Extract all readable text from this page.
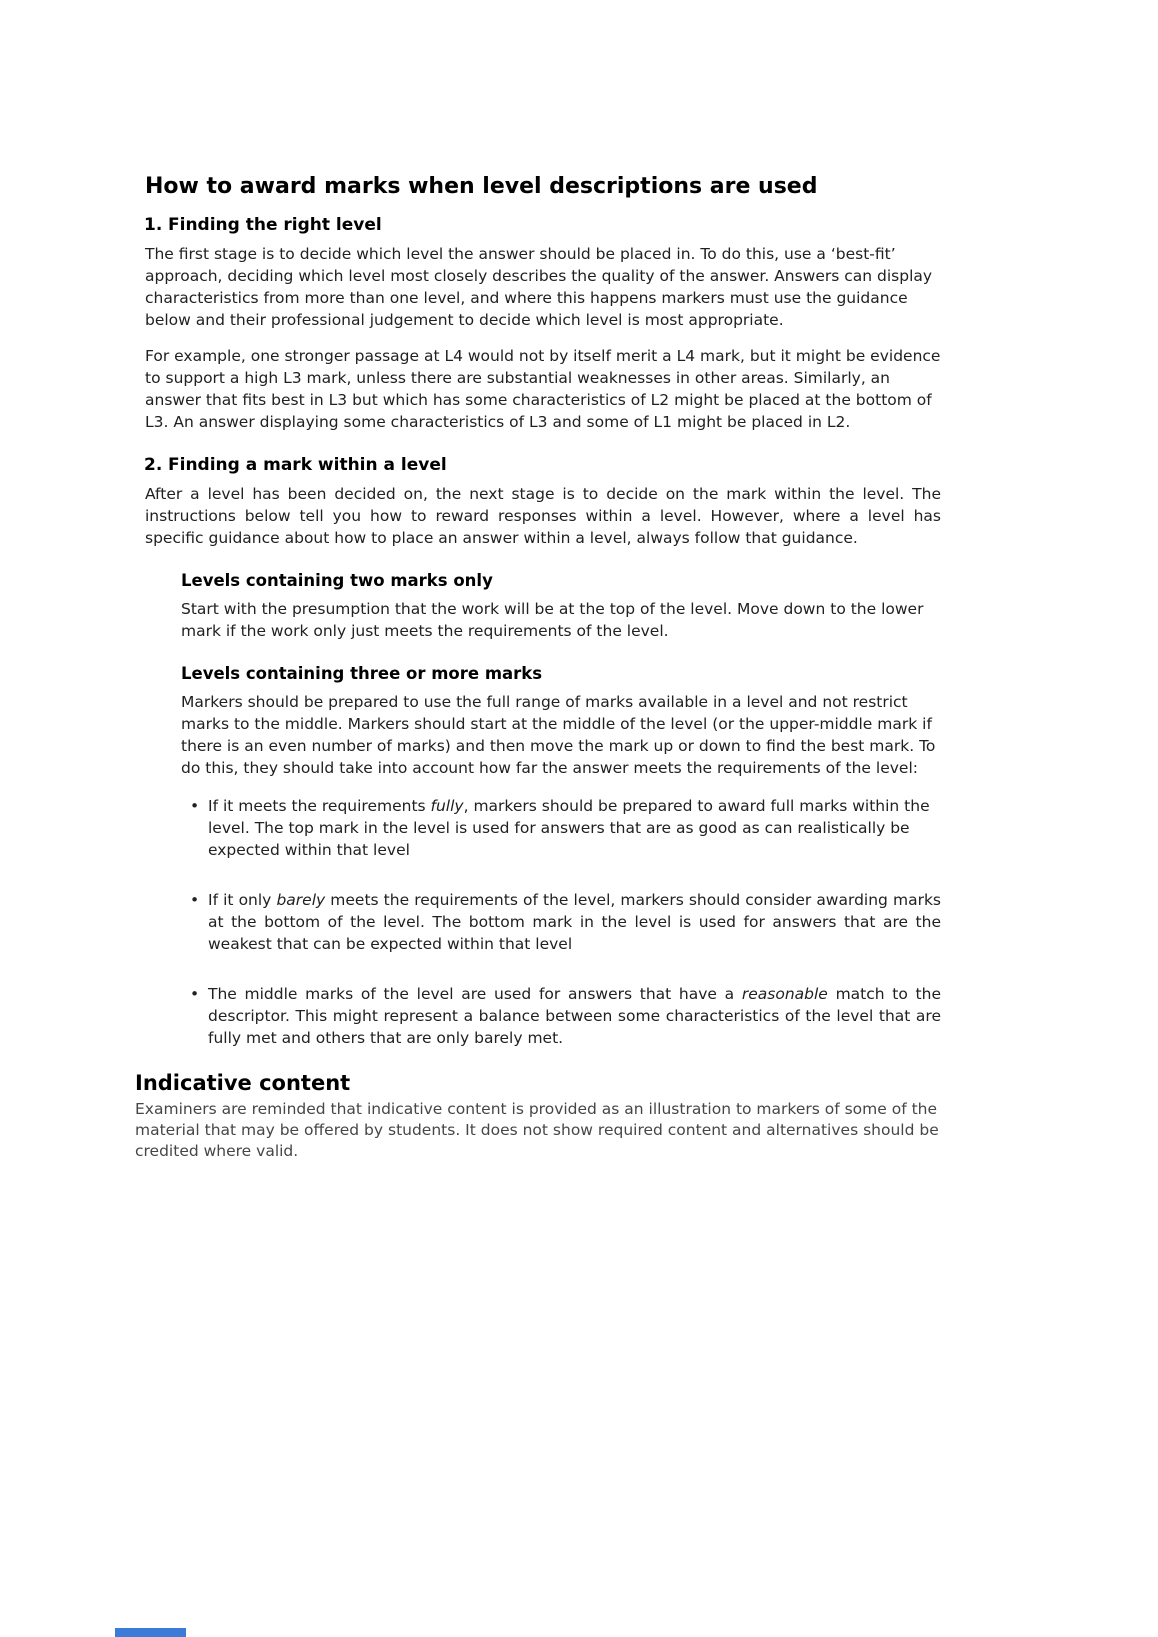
How to award marks when level descriptions are used
1. Finding the right level

The first stage is to decide which level the answer should be placed in. To do this, use a ‘best-fit’ approach, deciding which level most closely describes the quality of the answer. Answers can display characteristics from more than one level, and where this happens markers must use the guidance below and their professional judgement to decide which level is most appropriate.

For example, one stronger passage at L4 would not by itself merit a L4 mark, but it might be evidence to support a high L3 mark, unless there are substantial weaknesses in other areas. Similarly, an answer that fits best in L3 but which has some characteristics of L2 might be placed at the bottom of L3. An answer displaying some characteristics of L3 and some of L1 might be placed in L2.

2. Finding a mark within a level

After a level has been decided on, the next stage is to decide on the mark within the level. The instructions below tell you how to reward responses within a level. However, where a level has specific guidance about how to place an answer within a level, always follow that guidance.

Levels containing two marks only

Start with the presumption that the work will be at the top of the level. Move down to the lower mark if the work only just meets the requirements of the level.

Levels containing three or more marks

Markers should be prepared to use the full range of marks available in a level and not restrict marks to the middle. Markers should start at the middle of the level (or the upper-middle mark if there is an even number of marks) and then move the mark up or down to find the best mark. To do this, they should take into account how far the answer meets the requirements of the level:

• If it meets the requirements fully, markers should be prepared to award full marks within the level. The top mark in the level is used for answers that are as good as can realistically be expected within that level
• If it only barely meets the requirements of the level, markers should consider awarding marks at the bottom of the level. The bottom mark in the level is used for answers that are the weakest that can be expected within that level
• The middle marks of the level are used for answers that have a reasonable match to the descriptor. This might represent a balance between some characteristics of the level that are fully met and others that are only barely met.
Indicative content

Examiners are reminded that indicative content is provided as an illustration to markers of some of the material that may be offered by students. It does not show required content and alternatives should be credited where valid.
